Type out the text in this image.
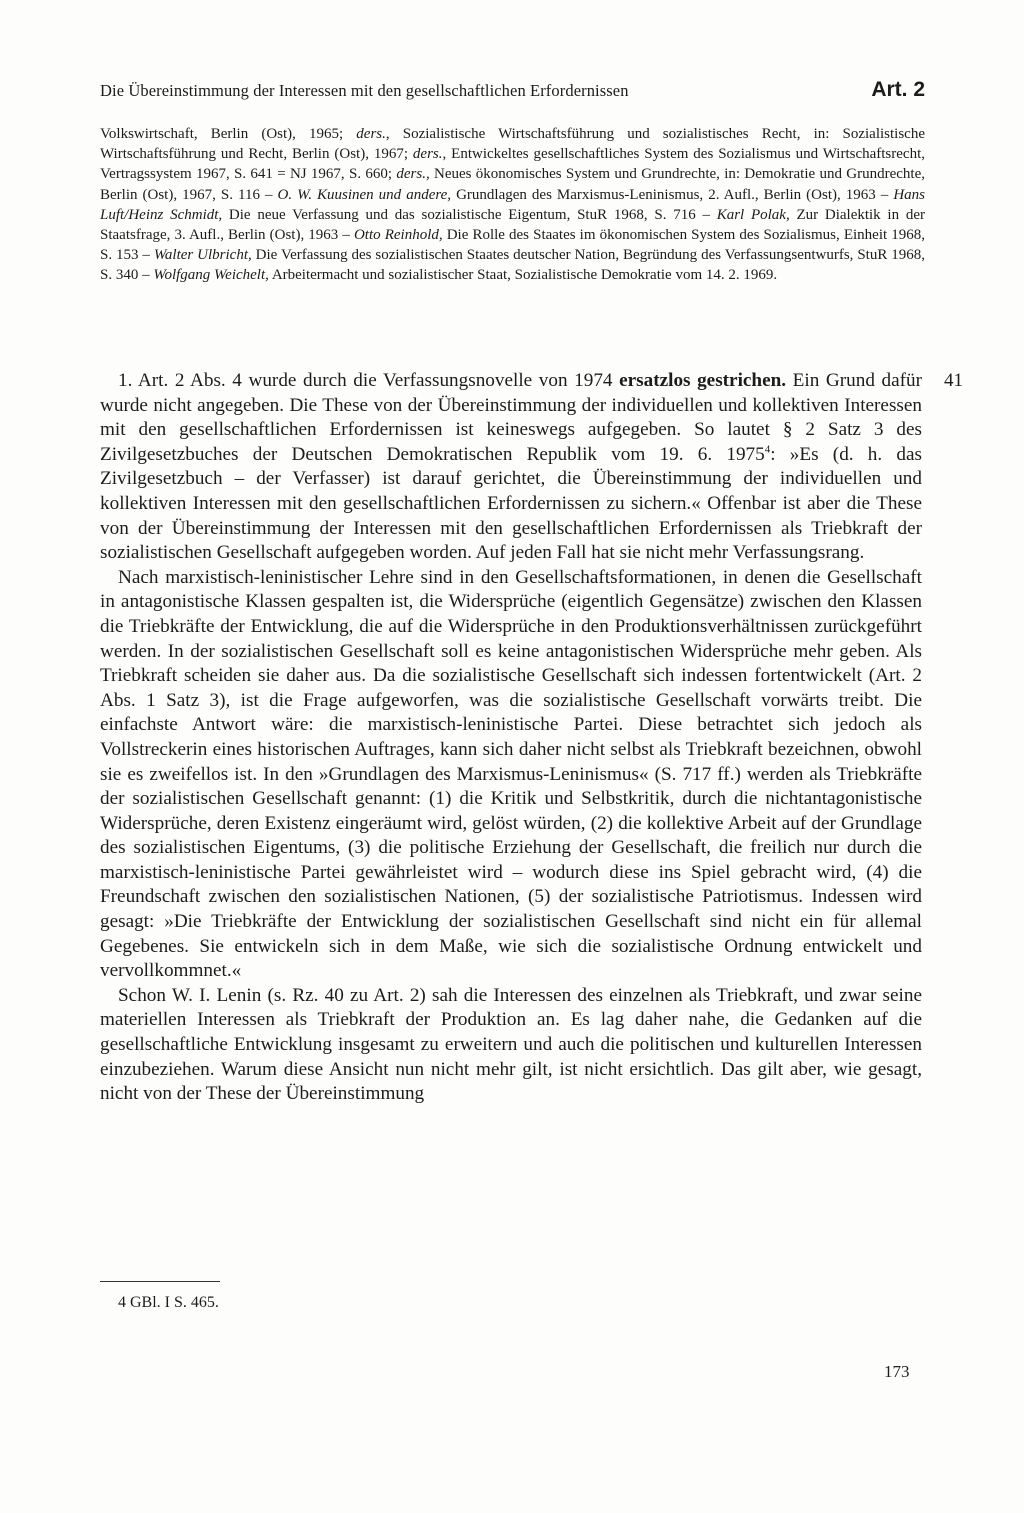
Die Übereinstimmung der Interessen mit den gesellschaftlichen Erfordernissen	Art. 2

Volkswirtschaft, Berlin (Ost), 1965; ders., Sozialistische Wirtschaftsführung und sozialistisches Recht, in: Sozialistische Wirtschaftsführung und Recht, Berlin (Ost), 1967; ders., Entwickeltes gesellschaftliches System des Sozialismus und Wirtschaftsrecht, Vertragssystem 1967, S. 641 = NJ 1967, S. 660; ders., Neues ökonomisches System und Grundrechte, in: Demokratie und Grundrechte, Berlin (Ost), 1967, S. 116 – O. W. Kuusinen und andere, Grundlagen des Marxismus-Leninismus, 2. Aufl., Berlin (Ost), 1963 – Hans Luft/Heinz Schmidt, Die neue Verfassung und das sozialistische Eigentum, StuR 1968, S. 716 – Karl Polak, Zur Dialektik in der Staatsfrage, 3. Aufl., Berlin (Ost), 1963 – Otto Reinhold, Die Rolle des Staates im ökonomischen System des Sozialismus, Einheit 1968, S. 153 – Walter Ulbricht, Die Verfassung des sozialistischen Staates deutscher Nation, Begründung des Verfassungsentwurfs, StuR 1968, S. 340 – Wolfgang Weichelt, Arbeitermacht und sozialistischer Staat, Sozialistische Demokratie vom 14. 2. 1969.

41

1. Art. 2 Abs. 4 wurde durch die Verfassungsnovelle von 1974 ersatzlos gestrichen. Ein Grund dafür wurde nicht angegeben. Die These von der Übereinstimmung der individuellen und kollektiven Interessen mit den gesellschaftlichen Erfordernissen ist keineswegs aufgegeben. So lautet § 2 Satz 3 des Zivilgesetzbuches der Deutschen Demokratischen Republik vom 19. 6. 1975$^4$: »Es (d. h. das Zivilgesetzbuch – der Verfasser) ist darauf gerichtet, die Übereinstimmung der individuellen und kollektiven Interessen mit den gesellschaftlichen Erfordernissen zu sichern.« Offenbar ist aber die These von der Übereinstimmung der Interessen mit den gesellschaftlichen Erfordernissen als Triebkraft der sozialistischen Gesellschaft aufgegeben worden. Auf jeden Fall hat sie nicht mehr Verfassungsrang.

Nach marxistisch-leninistischer Lehre sind in den Gesellschaftsformationen, in denen die Gesellschaft in antagonistische Klassen gespalten ist, die Widersprüche (eigentlich Gegensätze) zwischen den Klassen die Triebkräfte der Entwicklung, die auf die Widersprüche in den Produktionsverhältnissen zurückgeführt werden. In der sozialistischen Gesellschaft soll es keine antagonistischen Widersprüche mehr geben. Als Triebkraft scheiden sie daher aus. Da die sozialistische Gesellschaft sich indessen fortentwickelt (Art. 2 Abs. 1 Satz 3), ist die Frage aufgeworfen, was die sozialistische Gesellschaft vorwärts treibt. Die einfachste Antwort wäre: die marxistisch-leninistische Partei. Diese betrachtet sich jedoch als Vollstreckerin eines historischen Auftrages, kann sich daher nicht selbst als Triebkraft bezeichnen, obwohl sie es zweifellos ist. In den »Grundlagen des Marxismus-Leninismus« (S. 717 ff.) werden als Triebkräfte der sozialistischen Gesellschaft genannt: (1) die Kritik und Selbstkritik, durch die nichtantagonistische Widersprüche, deren Existenz eingeräumt wird, gelöst würden, (2) die kollektive Arbeit auf der Grundlage des sozialistischen Eigentums, (3) die politische Erziehung der Gesellschaft, die freilich nur durch die marxistisch-leninistische Partei gewährleistet wird – wodurch diese ins Spiel gebracht wird, (4) die Freundschaft zwischen den sozialistischen Nationen, (5) der sozialistische Patriotismus. Indessen wird gesagt: »Die Triebkräfte der Entwicklung der sozialistischen Gesellschaft sind nicht ein für allemal Gegebenes. Sie entwickeln sich in dem Maße, wie sich die sozialistische Ordnung entwickelt und vervollkommnet.«

Schon W. I. Lenin (s. Rz. 40 zu Art. 2) sah die Interessen des einzelnen als Triebkraft, und zwar seine materiellen Interessen als Triebkraft der Produktion an. Es lag daher nahe, die Gedanken auf die gesellschaftliche Entwicklung insgesamt zu erweitern und auch die politischen und kulturellen Interessen einzubeziehen. Warum diese Ansicht nun nicht mehr gilt, ist nicht ersichtlich. Das gilt aber, wie gesagt, nicht von der These der Übereinstimmung

4 GBl. I S. 465.
173
